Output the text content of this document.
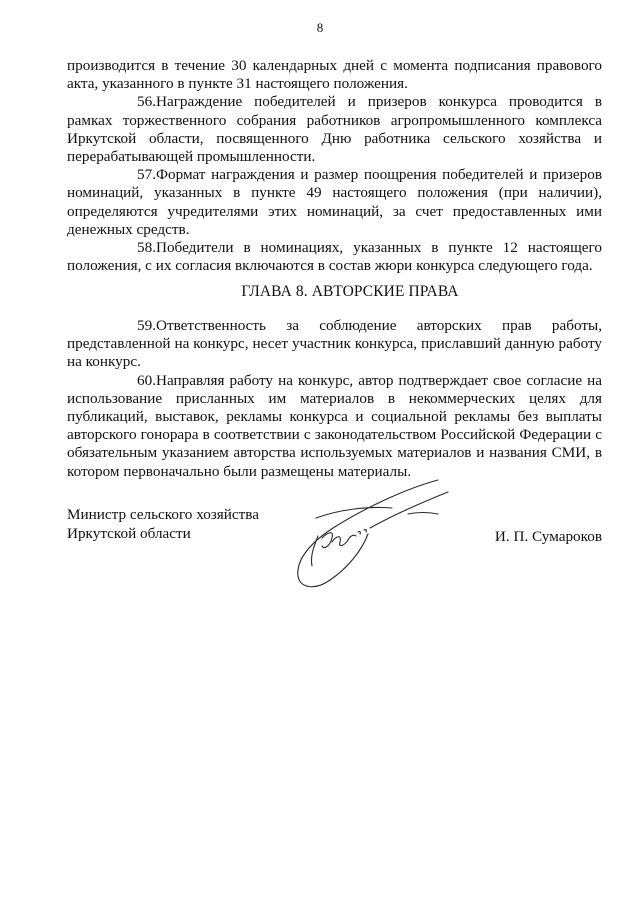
8

производится в течение 30 календарных дней с момента подписания правового акта, указанного в пункте 31 настоящего положения.

56.Награждение победителей и призеров конкурса проводится в рамках торжественного собрания работников агропромышленного комплекса Иркутской области, посвященного Дню работника сельского хозяйства и перерабатывающей промышленности.

57.Формат награждения и размер поощрения победителей и призеров номинаций, указанных в пункте 49 настоящего положения (при наличии), определяются учредителями этих номинаций, за счет предоставленных ими денежных средств.

58.Победители в номинациях, указанных в пункте 12 настоящего положения, с их согласия включаются в состав жюри конкурса следующего года.

ГЛАВА 8. АВТОРСКИЕ ПРАВА

59.Ответственность за соблюдение авторских прав работы, представленной на конкурс, несет участник конкурса, приславший данную работу на конкурс.

60.Направляя работу на конкурс, автор подтверждает свое согласие на использование присланных им материалов в некоммерческих целях для публикаций, выставок, рекламы конкурса и социальной рекламы без выплаты авторского гонорара в соответствии с законодательством Российской Федерации с обязательным указанием авторства используемых материалов и названия СМИ, в котором первоначально были размещены материалы.

Министр сельского хозяйства
Иркутской области	И. П. Сумароков
